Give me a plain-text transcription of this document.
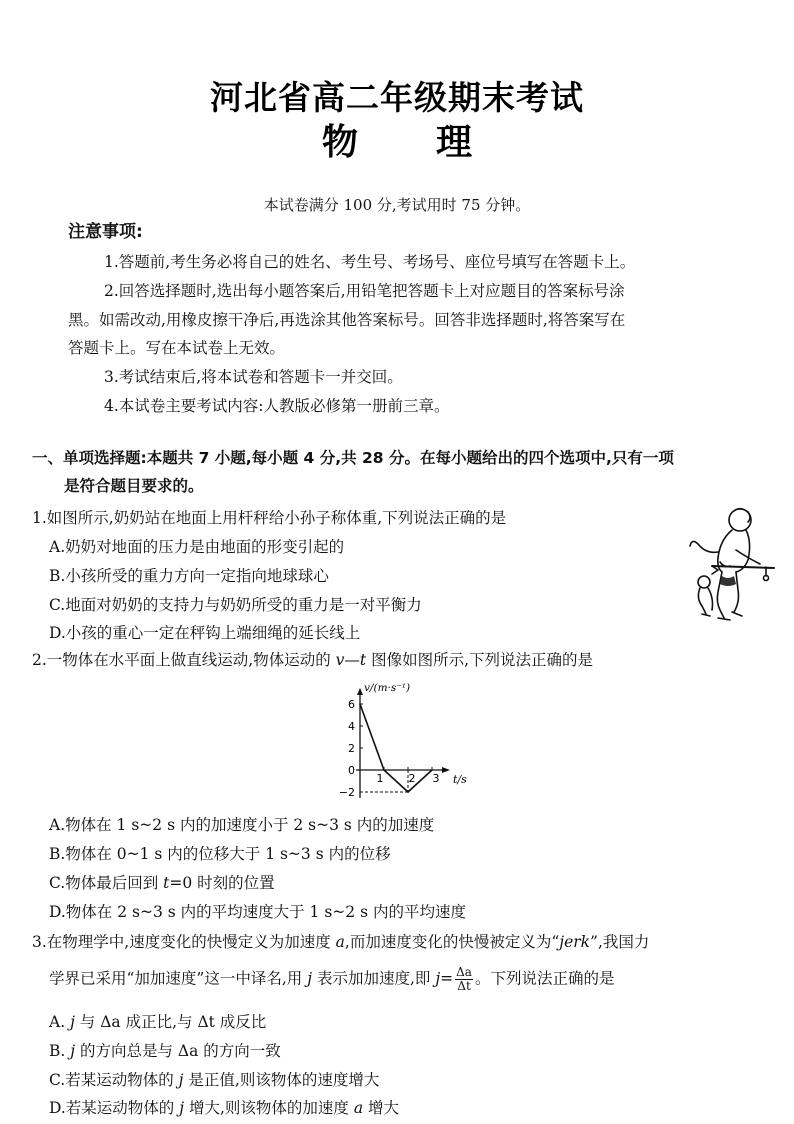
河北省高二年级期末考试
物理
本试卷满分 100 分,考试用时 75 分钟。
注意事项:
1.答题前,考生务必将自己的姓名、考生号、考场号、座位号填写在答题卡上。
2.回答选择题时,选出每小题答案后,用铅笔把答题卡上对应题目的答案标号涂
黑。如需改动,用橡皮擦干净后,再选涂其他答案标号。回答非选择题时,将答案写在
答题卡上。写在本试卷上无效。
3.考试结束后,将本试卷和答题卡一并交回。
4.本试卷主要考试内容:人教版必修第一册前三章。
一、单项选择题:本题共 7 小题,每小题 4 分,共 28 分。在每小题给出的四个选项中,只有一项
是符合题目要求的。
1.如图所示,奶奶站在地面上用杆秤给小孙子称体重,下列说法正确的是
A.奶奶对地面的压力是由地面的形变引起的
B.小孩所受的重力方向一定指向地球球心
C.地面对奶奶的支持力与奶奶所受的重力是一对平衡力
D.小孩的重心一定在秤钩上端细绳的延长线上
2.一物体在水平面上做直线运动,物体运动的 v—t 图像如图所示,下列说法正确的是
6
4
2
0
−2
1 2 3
v/(m·s⁻¹)
t/s
A.物体在 1 s~2 s 内的加速度小于 2 s~3 s 内的加速度
B.物体在 0~1 s 内的位移大于 1 s~3 s 内的位移
C.物体最后回到 t=0 时刻的位置
D.物体在 2 s~3 s 内的平均速度大于 1 s~2 s 内的平均速度
3.在物理学中,速度变化的快慢定义为加速度 a,而加速度变化的快慢被定义为“jerk”,我国力
学界已采用“加加速度”这一中译名,用 j 表示加加速度,即 $j= \frac{\Delta a}{\Delta t}$ 。下列说法正确的是
A. j 与 Δa 成正比,与 Δt 成反比
B. j 的方向总是与 Δa 的方向一致
C.若某运动物体的 j 是正值,则该物体的速度增大
D.若某运动物体的 j 增大,则该物体的加速度 a 增大
